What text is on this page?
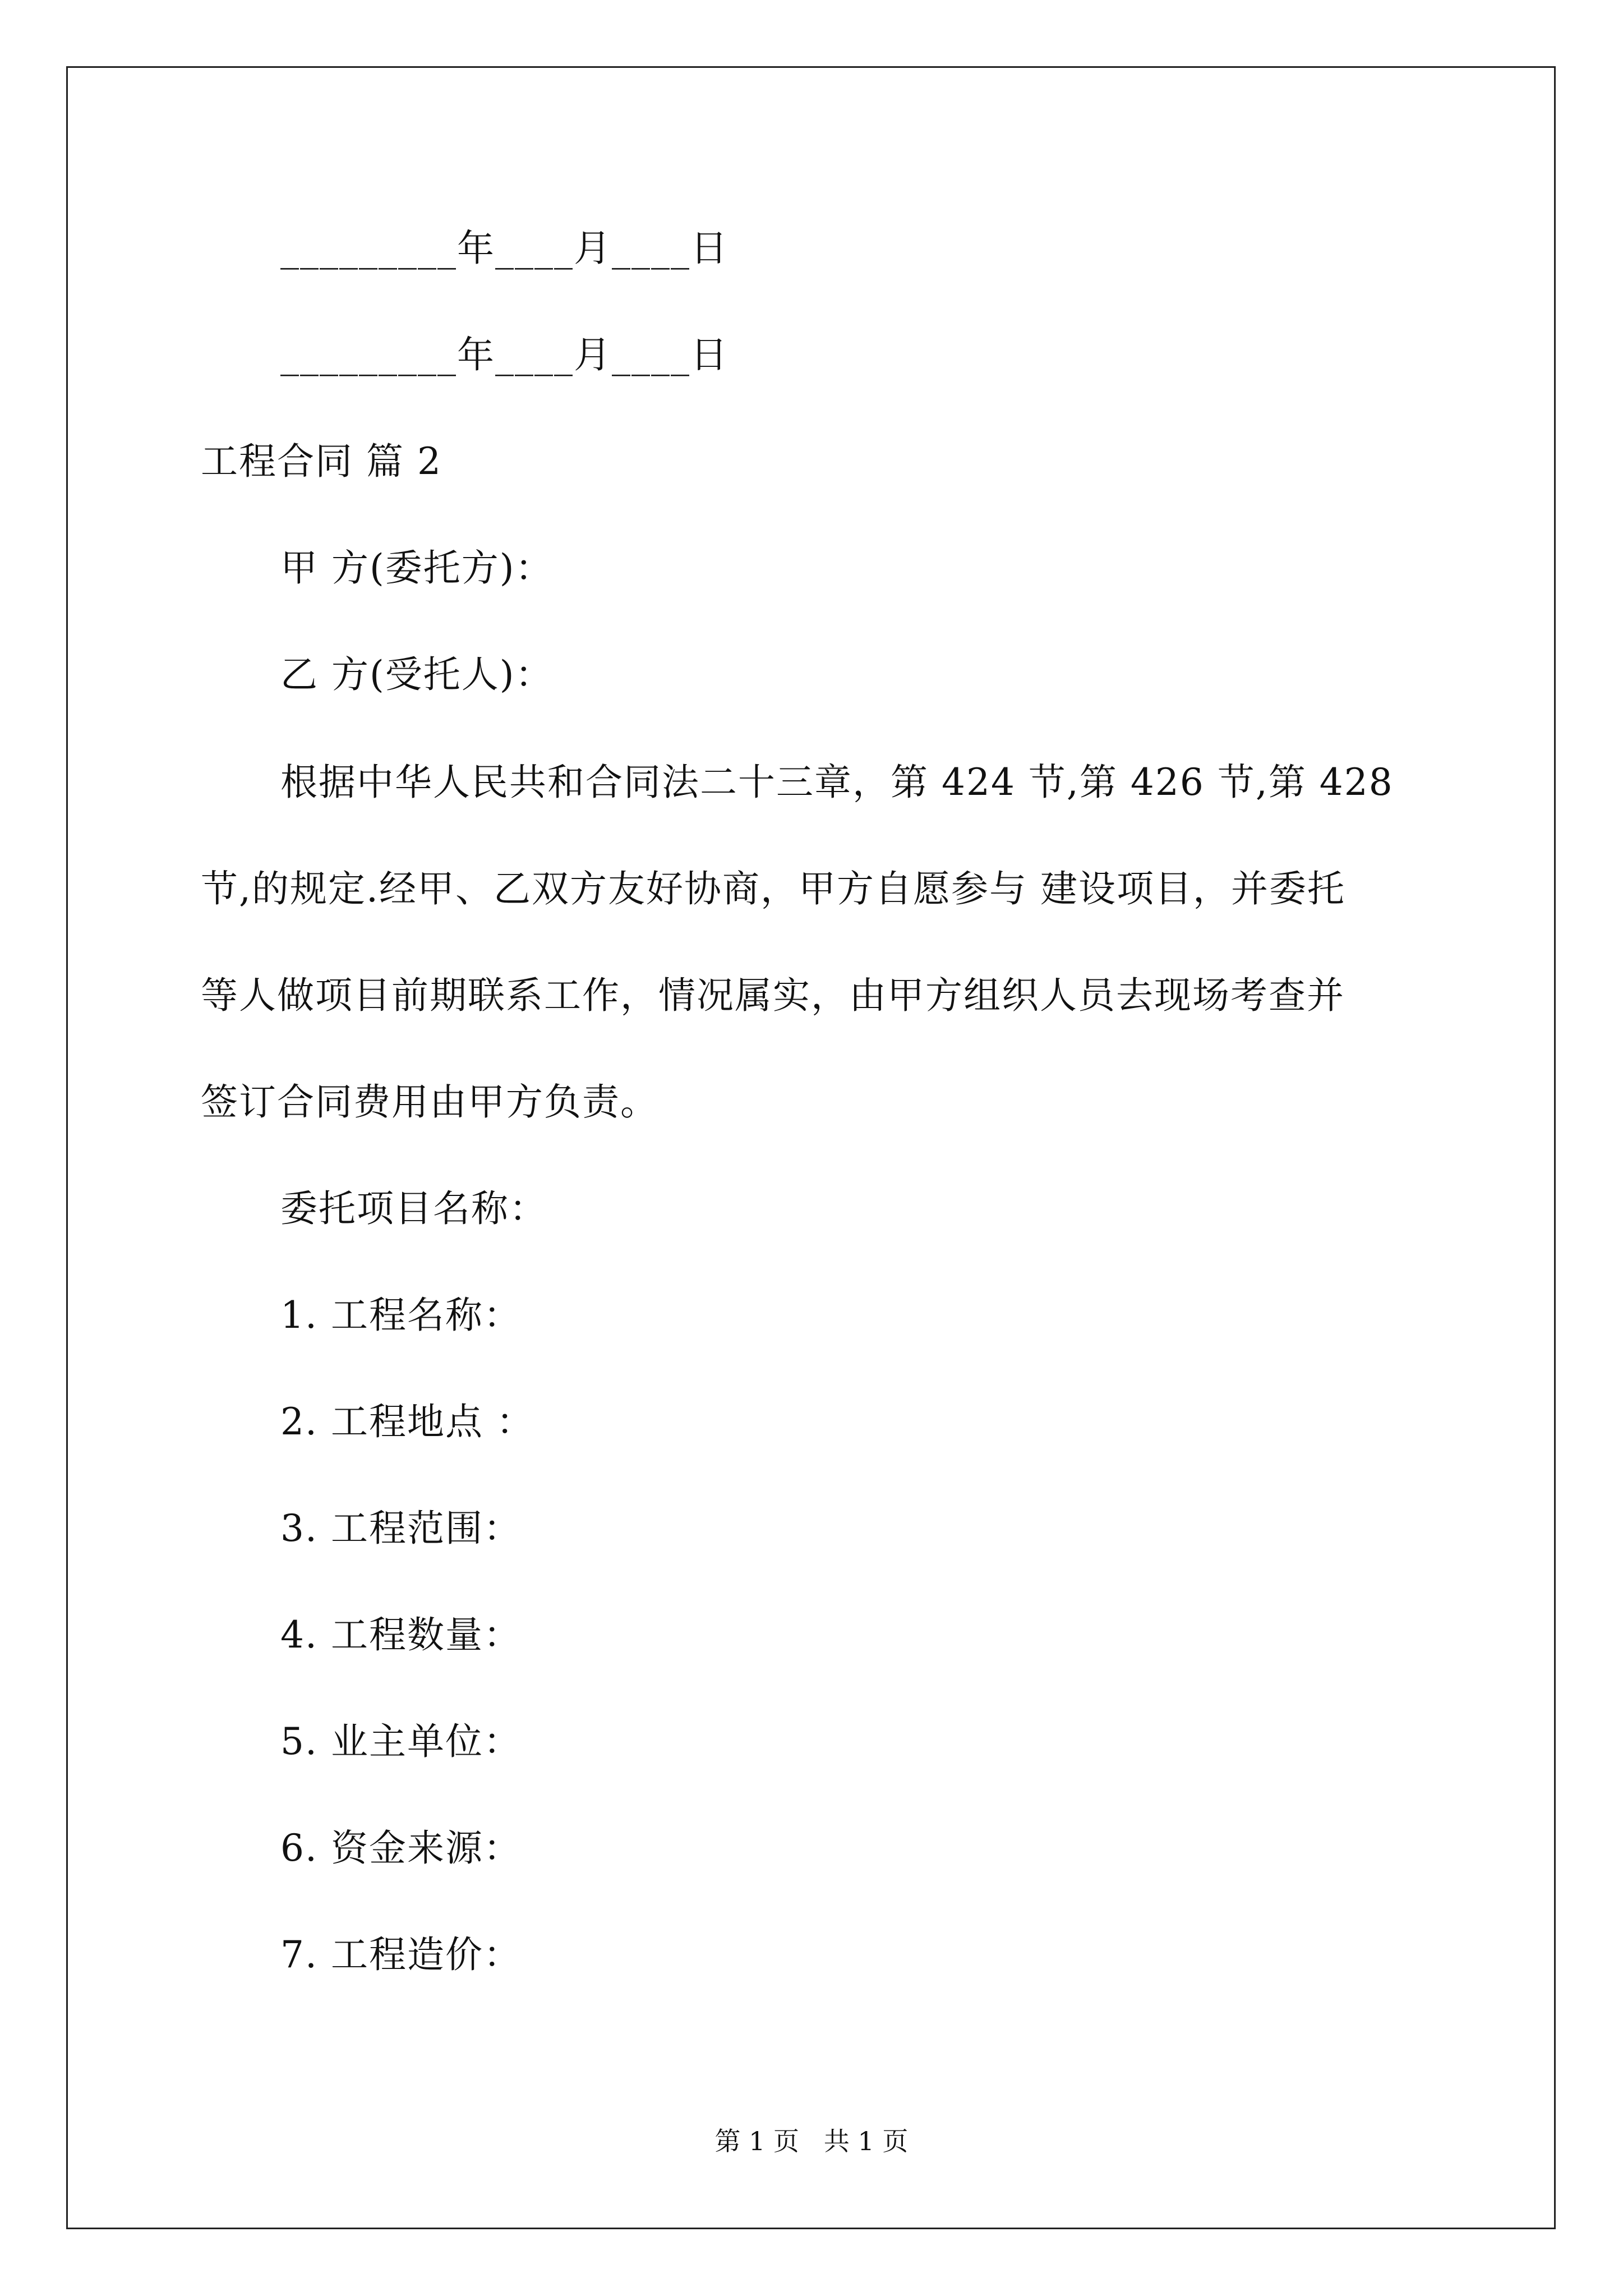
_________年____月____日
_________年____月____日
工程合同 篇 2
甲 方(委托方)：
乙 方(受托人)：
根据中华人民共和合同法二十三章，第 424 节,第 426 节,第 428
节,的规定.经甲、乙双方友好协商，甲方自愿参与 建设项目，并委托
等人做项目前期联系工作，情况属实，由甲方组织人员去现场考查并
签订合同费用由甲方负责。
委托项目名称：
1. 工程名称：
2. 工程地点 ：
3. 工程范围：
4. 工程数量：
5. 业主单位：
6. 资金来源：
7. 工程造价：
第 1 页   共 1 页
